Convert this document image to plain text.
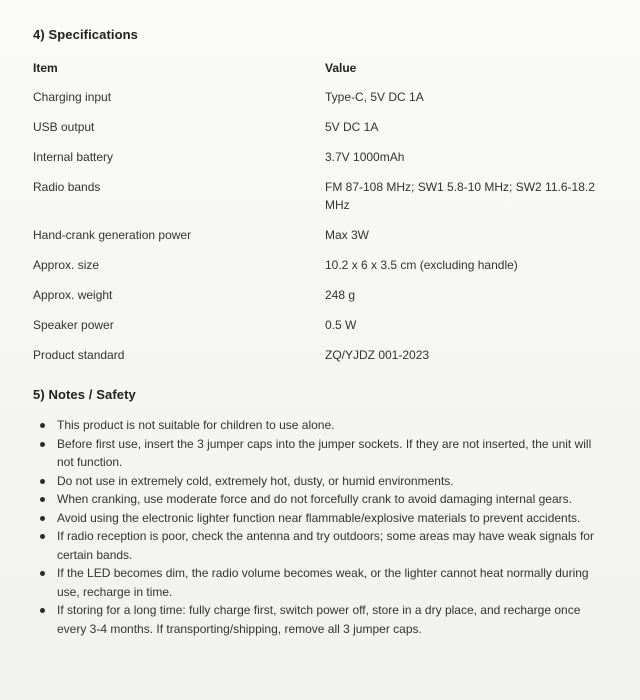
4) Specifications
Item	Value
Charging input	Type-C, 5V DC 1A
USB output	5V DC 1A
Internal battery	3.7V 1000mAh
Radio bands	FM 87-108 MHz; SW1 5.8-10 MHz; SW2 11.6-18.2 MHz
Hand-crank generation power	Max 3W
Approx. size	10.2 x 6 x 3.5 cm (excluding handle)
Approx. weight	248 g
Speaker power	0.5 W
Product standard	ZQ/YJDZ 001-2023
5) Notes / Safety
This product is not suitable for children to use alone.
Before first use, insert the 3 jumper caps into the jumper sockets. If they are not inserted, the unit will not function.
Do not use in extremely cold, extremely hot, dusty, or humid environments.
When cranking, use moderate force and do not forcefully crank to avoid damaging internal gears.
Avoid using the electronic lighter function near flammable/explosive materials to prevent accidents.
If radio reception is poor, check the antenna and try outdoors; some areas may have weak signals for certain bands.
If the LED becomes dim, the radio volume becomes weak, or the lighter cannot heat normally during use, recharge in time.
If storing for a long time: fully charge first, switch power off, store in a dry place, and recharge once every 3-4 months. If transporting/shipping, remove all 3 jumper caps.
